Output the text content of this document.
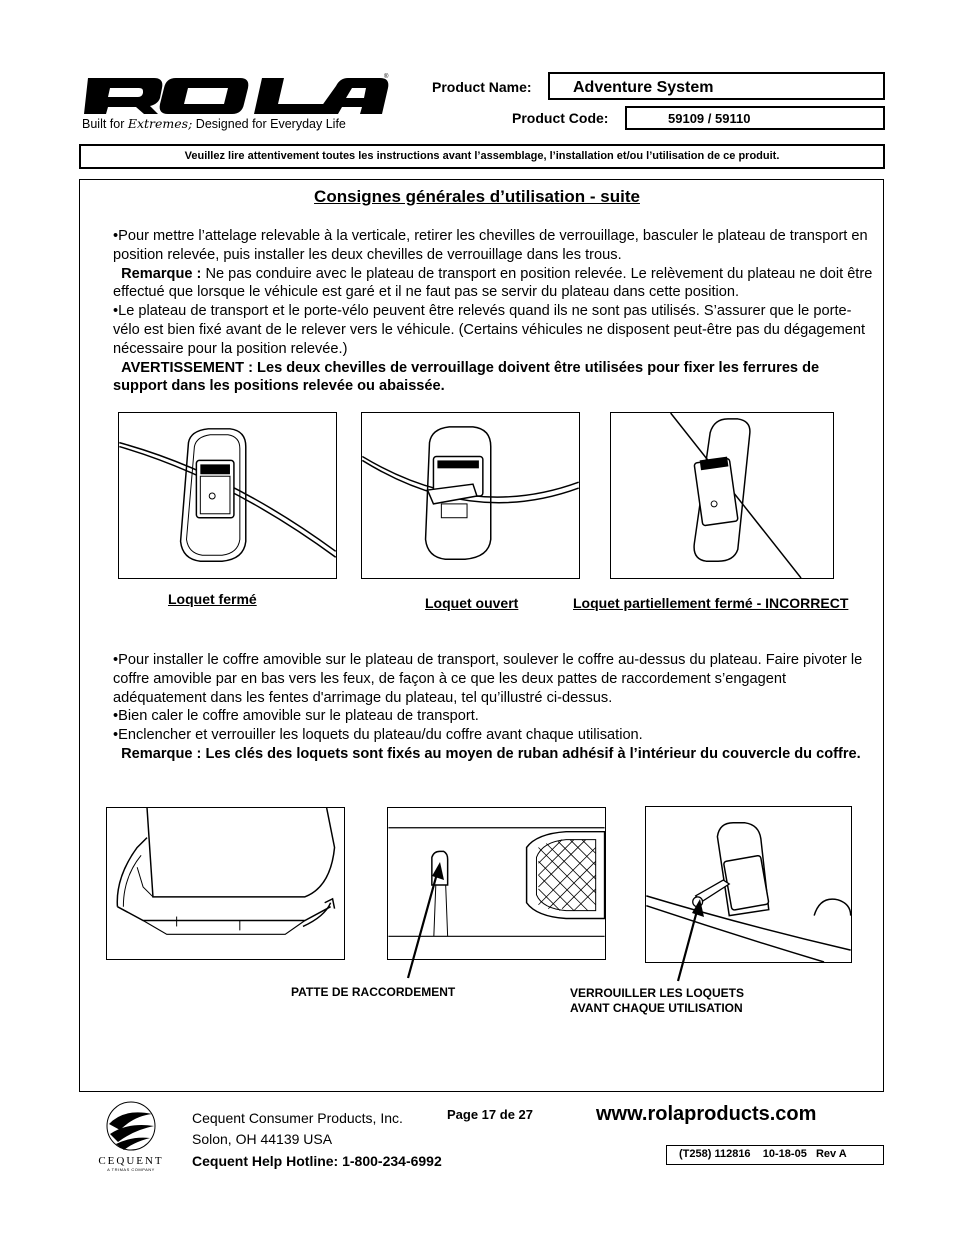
®
Built for Extremes; Designed for Everyday Life
Product Name:	Adventure System
Product Code:	59109 / 59110
Veuillez lire attentivement toutes les instructions avant l’assemblage, l’installation et/ou l’utilisation de ce produit.
Consignes générales d’utilisation - suite

•Pour mettre l’attelage relevable à la verticale, retirer les chevilles de verrouillage, basculer le plateau de transport en position relevée, puis installer les deux chevilles de verrouillage dans les trous.

Remarque : Ne pas conduire avec le plateau de transport en position relevée. Le relèvement du plateau ne doit être effectué que lorsque le véhicule est garé et il ne faut pas se servir du plateau dans cette position.

•Le plateau de transport et le porte-vélo peuvent être relevés quand ils ne sont pas utilisés. S’assurer que le porte-vélo est bien fixé avant de le relever vers le véhicule. (Certains véhicules ne disposent peut-être pas du dégagement nécessaire pour la position relevée.)

AVERTISSEMENT : Les deux chevilles de verrouillage doivent être utilisées pour fixer les ferrures de support dans les positions relevée ou abaissée.

Loquet fermé	Loquet ouvert	Loquet partiellement fermé - INCORRECT

•Pour installer le coffre amovible sur le plateau de transport, soulever le coffre au-dessus du plateau. Faire pivoter le coffre amovible par en bas vers les feux, de façon à ce que les deux pattes de raccordement s’engagent adéquatement dans les fentes d'arrimage du plateau, tel qu’illustré ci-dessus.

•Bien caler le coffre amovible sur le plateau de transport.

•Enclencher et verrouiller les loquets du plateau/du coffre avant chaque utilisation.

Remarque : Les clés des loquets sont fixés au moyen de ruban adhésif à l’intérieur du couvercle du coffre.

PATTE DE RACCORDEMENT	VERROUILLER LES LOQUETS
AVANT CHAQUE UTILISATION
CEQUENT
A TRIMAS COMPANY
Cequent Consumer Products, Inc.
Solon, OH 44139 USA
Cequent Help Hotline: 1-800-234-6992
Page 17 de 27	www.rolaproducts.com
(T258) 112816    10-18-05   Rev A
